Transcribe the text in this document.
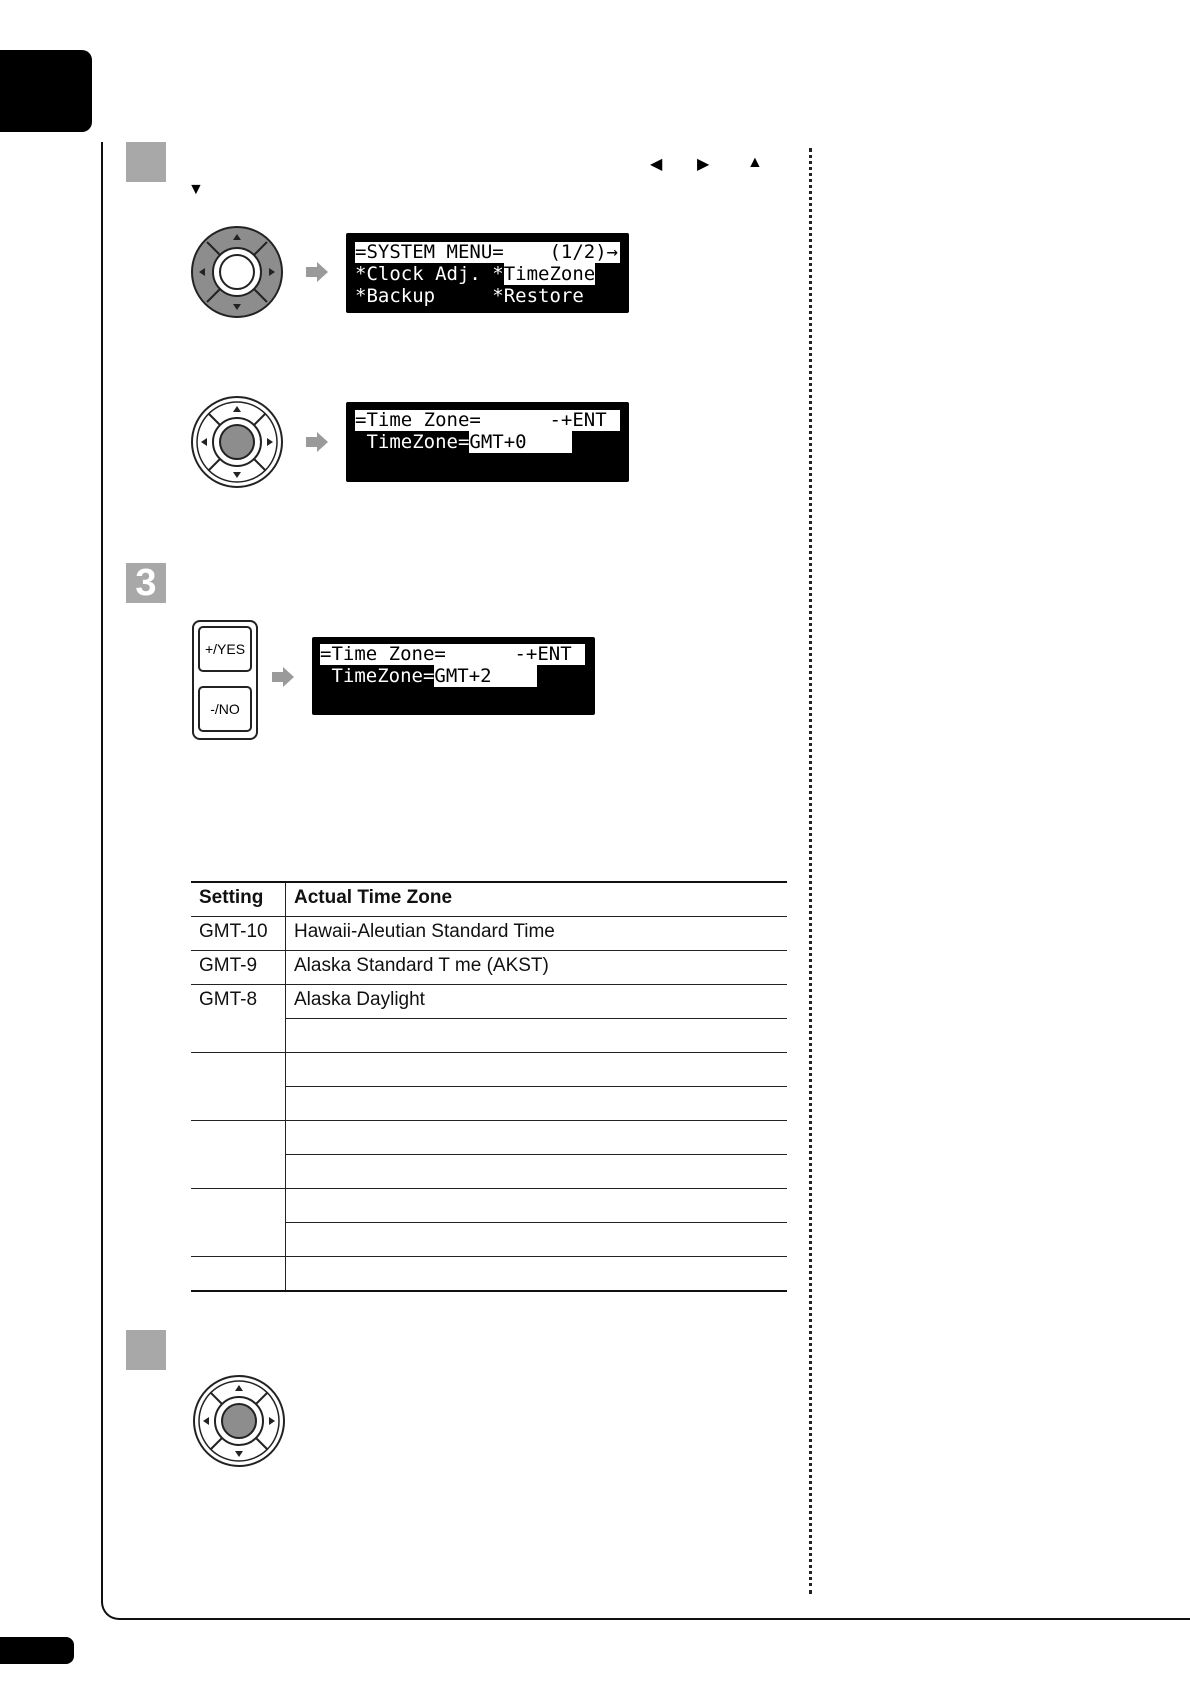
◀ ▶ ▲
▼
=SYSTEM MENU=    (1/2)→
*Clock Adj. *TimeZone
*Backup     *Restore
=Time Zone=      -+ENT
TimeZone=GMT+0
3
+/YES
-/NO
=Time Zone=      -+ENT
TimeZone=GMT+2
Setting	Actual Time Zone
GMT-10	Hawaii-Aleutian Standard Time
GMT-9	Alaska Standard T me (AKST)
GMT-8	Alaska Daylight
